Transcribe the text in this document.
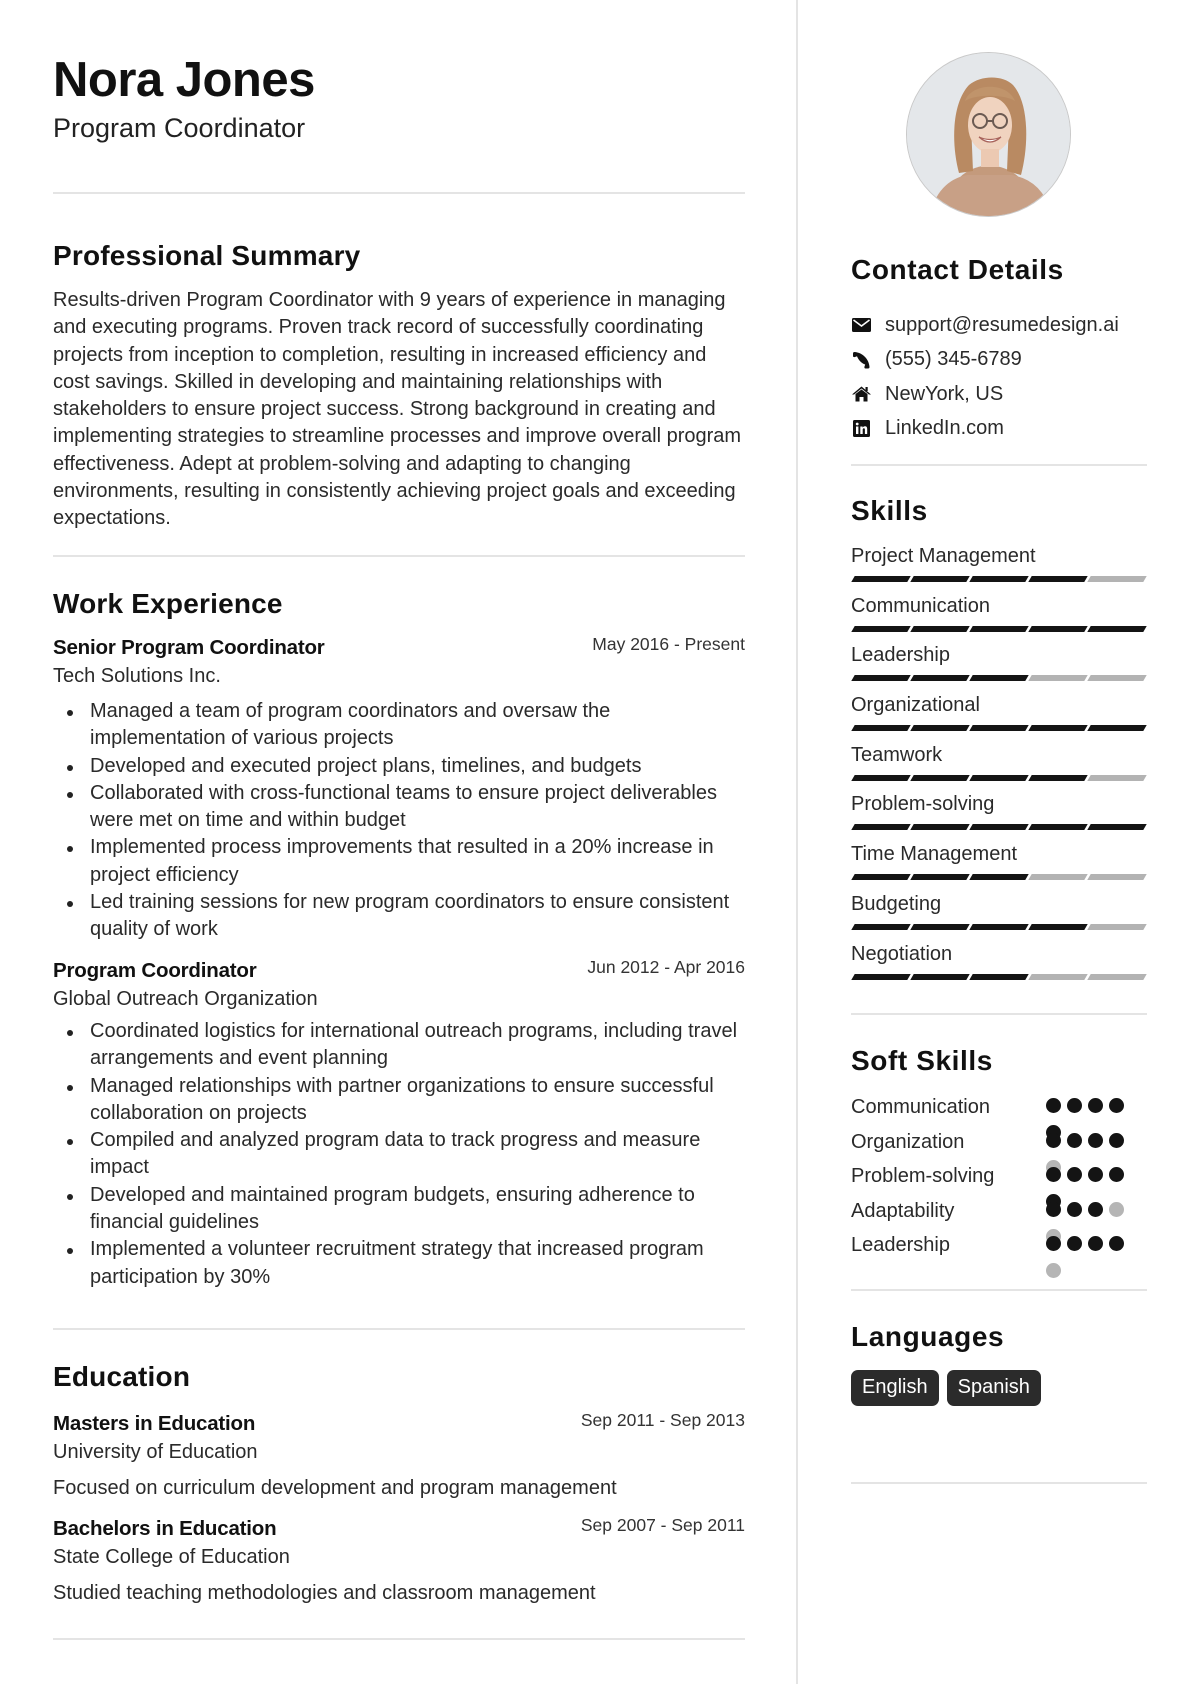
Nora Jones
Program Coordinator
Professional Summary

Results-driven Program Coordinator with 9 years of experience in managing and executing programs. Proven track record of successfully coordinating projects from inception to completion, resulting in increased efficiency and cost savings. Skilled in developing and maintaining relationships with stakeholders to ensure project success. Strong background in creating and implementing strategies to streamline processes and improve overall program effectiveness. Adept at problem-solving and adapting to changing environments, resulting in consistently achieving project goals and exceeding expectations.

Work Experience
Senior Program Coordinator	May 2016 - Present
Tech Solutions Inc.
Managed a team of program coordinators and oversaw the implementation of various projects
Developed and executed project plans, timelines, and budgets
Collaborated with cross-functional teams to ensure project deliverables were met on time and within budget
Implemented process improvements that resulted in a 20% increase in project efficiency
Led training sessions for new program coordinators to ensure consistent quality of work
Program Coordinator	Jun 2012 - Apr 2016
Global Outreach Organization
Coordinated logistics for international outreach programs, including travel arrangements and event planning
Managed relationships with partner organizations to ensure successful collaboration on projects
Compiled and analyzed program data to track progress and measure impact
Developed and maintained program budgets, ensuring adherence to financial guidelines
Implemented a volunteer recruitment strategy that increased program participation by 30%
Education
Masters in Education	Sep 2011 - Sep 2013
University of Education
Focused on curriculum development and program management
Bachelors in Education	Sep 2007 - Sep 2011
State College of Education
Studied teaching methodologies and classroom management
Contact Details
support@resumedesign.ai
(555) 345-6789
NewYork, US
LinkedIn.com
Skills
Project Management
Communication
Leadership
Organizational
Teamwork
Problem-solving
Time Management
Budgeting
Negotiation
Soft Skills
Communication
Organization
Problem-solving
Adaptability
Leadership
Languages
English	Spanish
